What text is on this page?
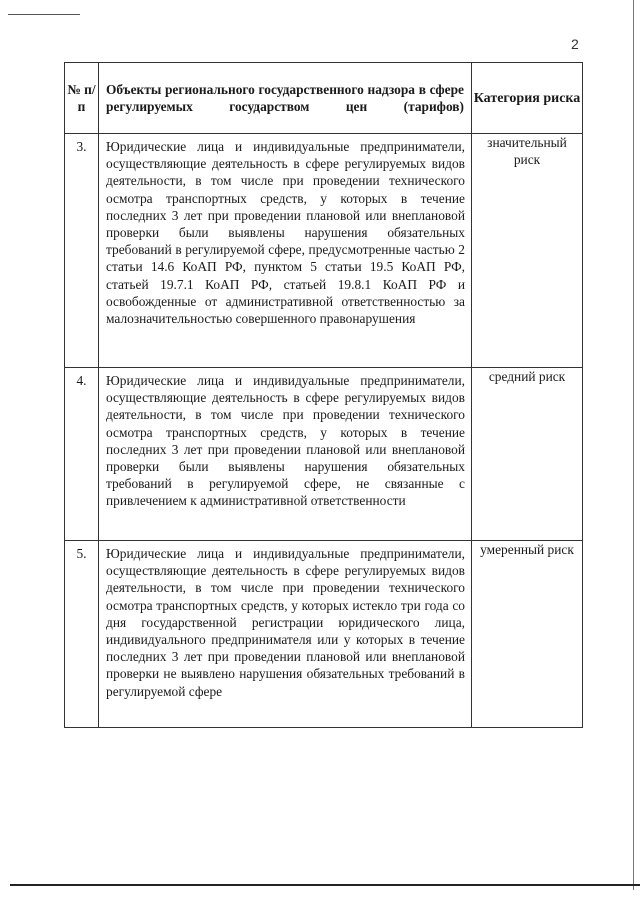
2
№ п/п	Объекты регионального государственного надзора в сфере регулируемых государством цен (тарифов)	Категория риска
3.	Юридические лица и индивидуальные предприниматели, осуществляющие деятельность в сфере регулируемых видов деятельности, в том числе при проведении технического осмотра транспортных средств, у которых в течение последних 3 лет при проведении плановой или внеплановой проверки были выявлены нарушения обязательных требований в регулируемой сфере, предусмотренные частью 2 статьи 14.6 КоАП РФ, пунктом 5 статьи 19.5 КоАП РФ, статьей 19.7.1 КоАП РФ, статьей 19.8.1 КоАП РФ и освобожденные от административной ответственностью за малозначительностью совершенного правонарушения	значительный риск
4.	Юридические лица и индивидуальные предприниматели, осуществляющие деятельность в сфере регулируемых видов деятельности, в том числе при проведении технического осмотра транспортных средств, у которых в течение последних 3 лет при проведении плановой или внеплановой проверки были выявлены нарушения обязательных требований в регулируемой сфере, не связанные с привлечением к административной ответственности	средний риск
5.	Юридические лица и индивидуальные предприниматели, осуществляющие деятельность в сфере регулируемых видов деятельности, в том числе при проведении технического осмотра транспортных средств, у которых истекло три года со дня государственной регистрации юридического лица, индивидуального предпринимателя или у которых в течение последних 3 лет при проведении плановой или внеплановой проверки не выявлено нарушения обязательных требований в регулируемой сфере	умеренный риск
